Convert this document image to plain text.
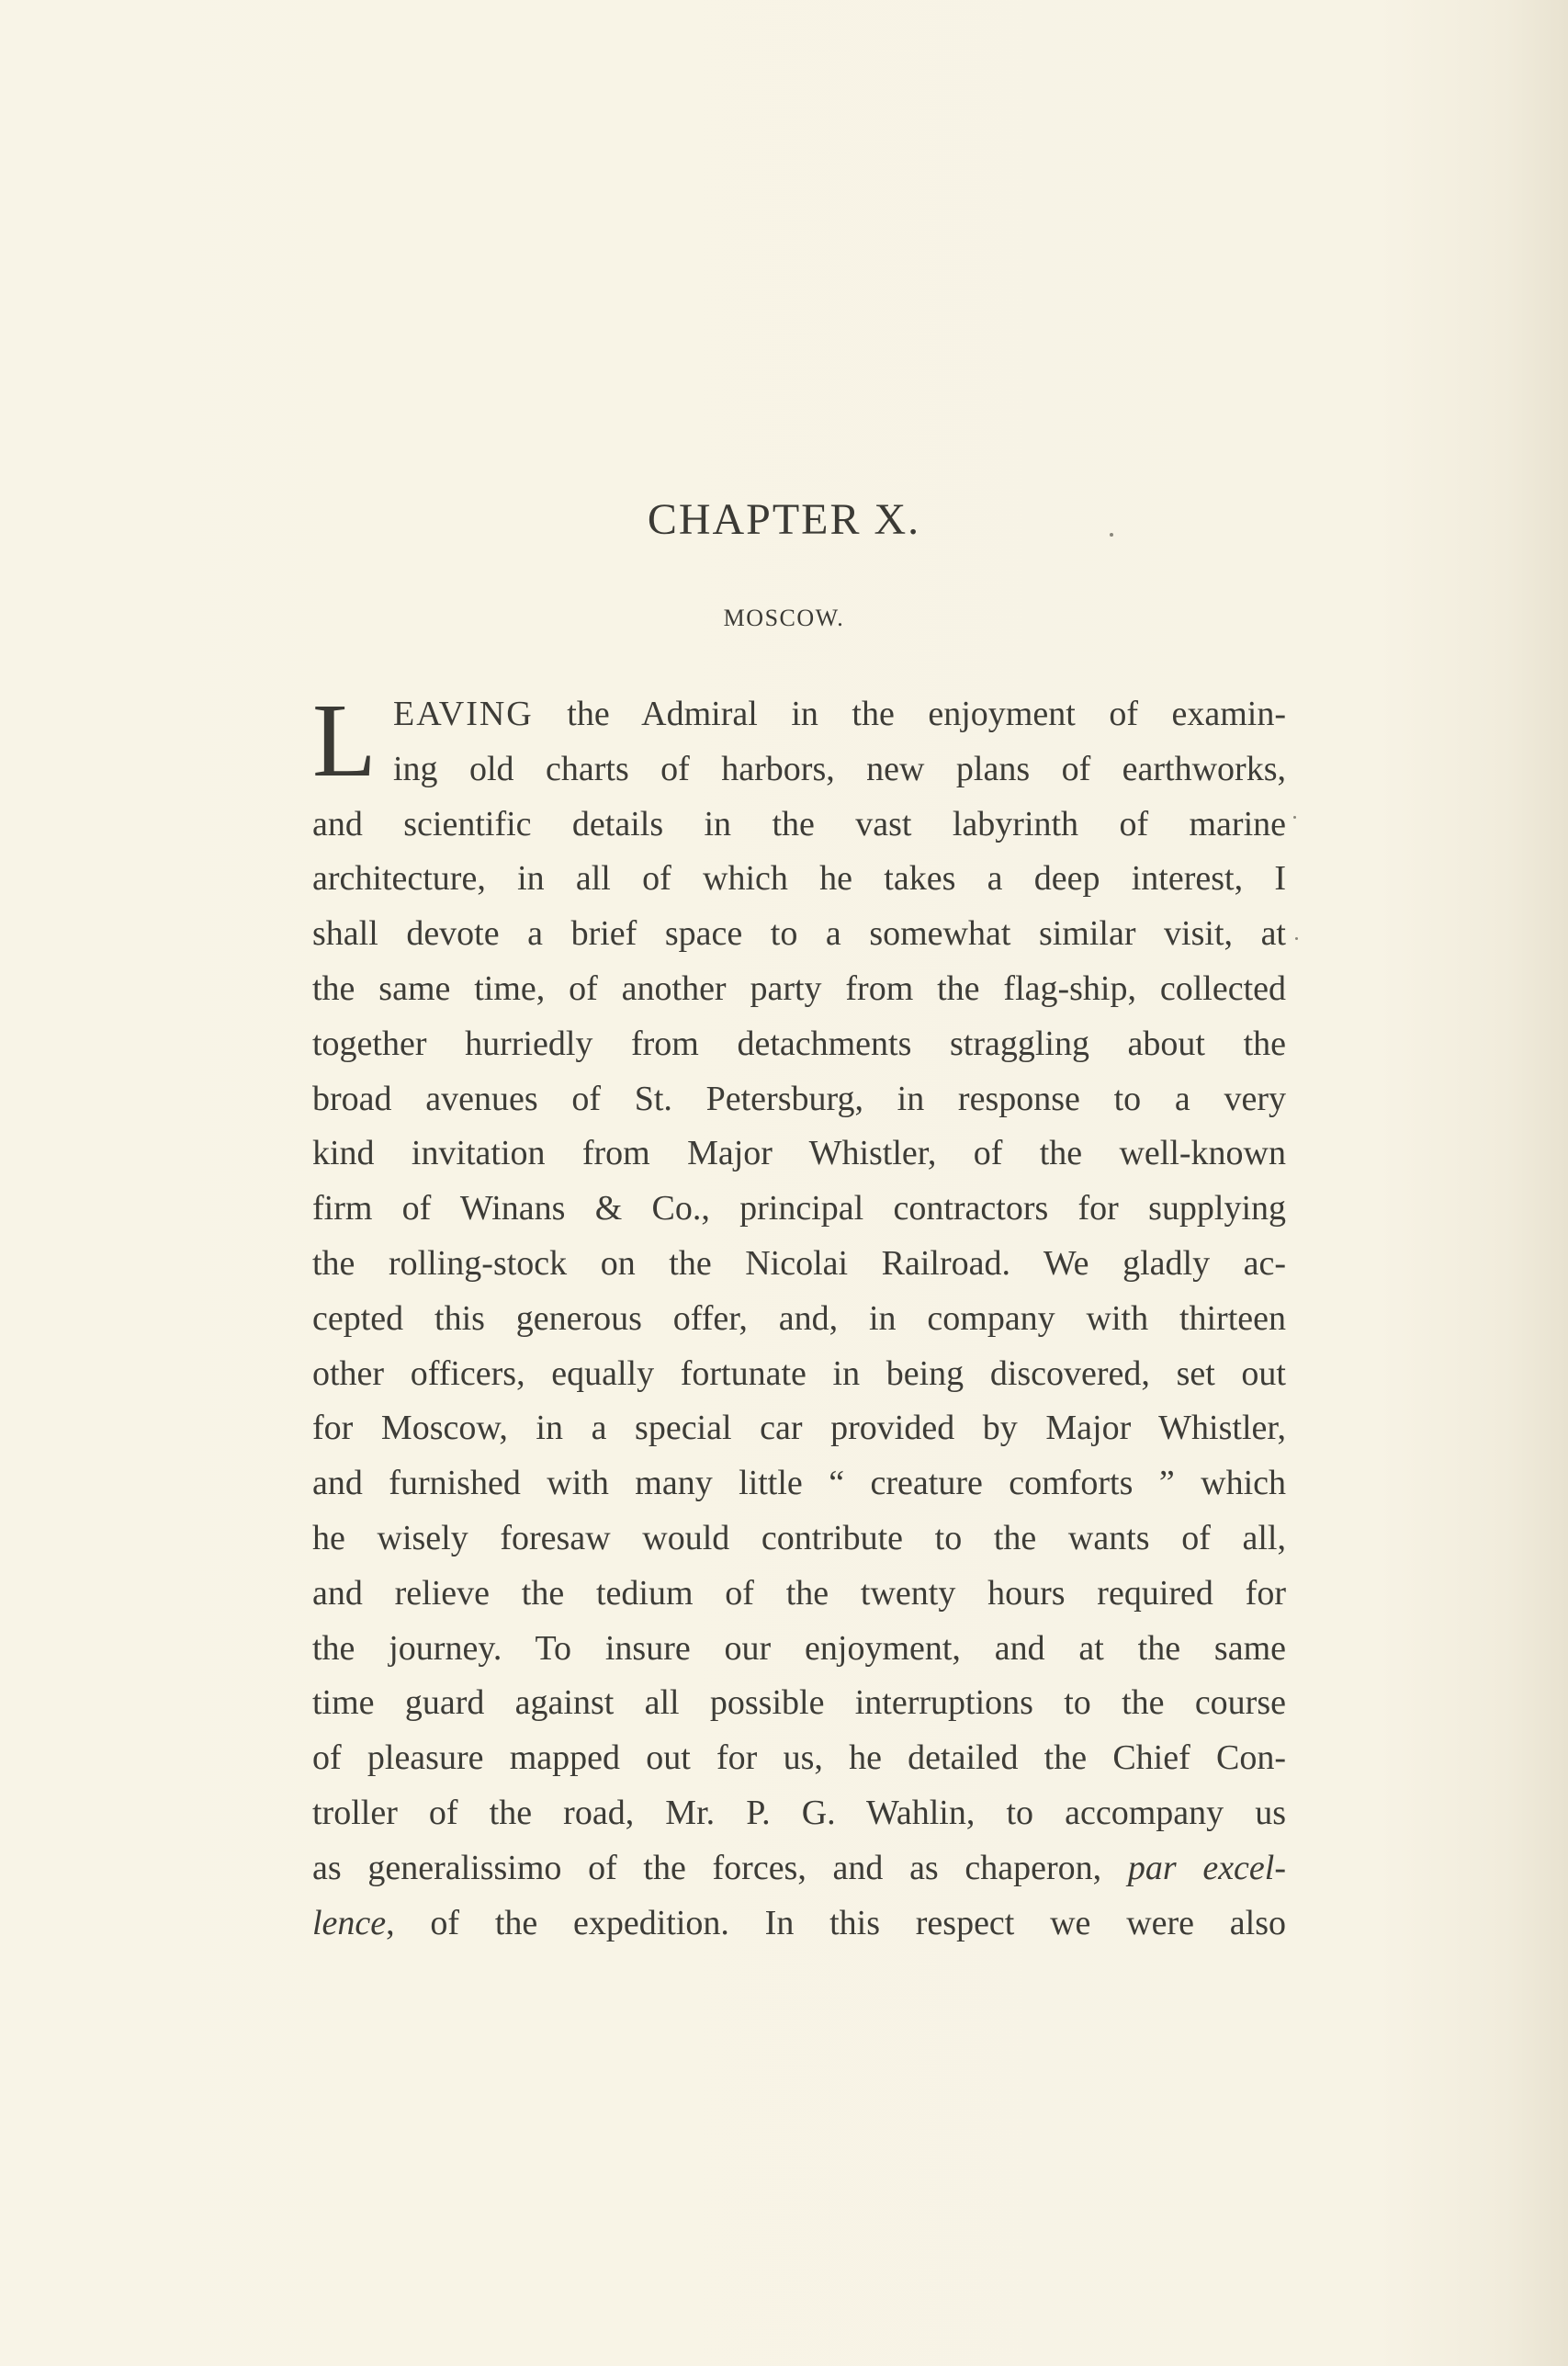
CHAPTER X.
MOSCOW.
L EAVING the Admiral in the enjoyment of examin-
ing old charts of harbors, new plans of earthworks,
and scientific details in the vast labyrinth of marine
architecture, in all of which he takes a deep interest, I
shall devote a brief space to a somewhat similar visit, at
the same time, of another party from the flag-ship, collected
together hurriedly from detachments straggling about the
broad avenues of St. Petersburg, in response to a very
kind invitation from Major Whistler, of the well-known
firm of Winans & Co., principal contractors for supplying
the rolling-stock on the Nicolai Railroad. We gladly ac-
cepted this generous offer, and, in company with thirteen
other officers, equally fortunate in being discovered, set out
for Moscow, in a special car provided by Major Whistler,
and furnished with many little “ creature comforts ” which
he wisely foresaw would contribute to the wants of all,
and relieve the tedium of the twenty hours required for
the journey. To insure our enjoyment, and at the same
time guard against all possible interruptions to the course
of pleasure mapped out for us, he detailed the Chief Con-
troller of the road, Mr. P. G. Wahlin, to accompany us
as generalissimo of the forces, and as chaperon, par excel-
lence, of the expedition. In this respect we were also
